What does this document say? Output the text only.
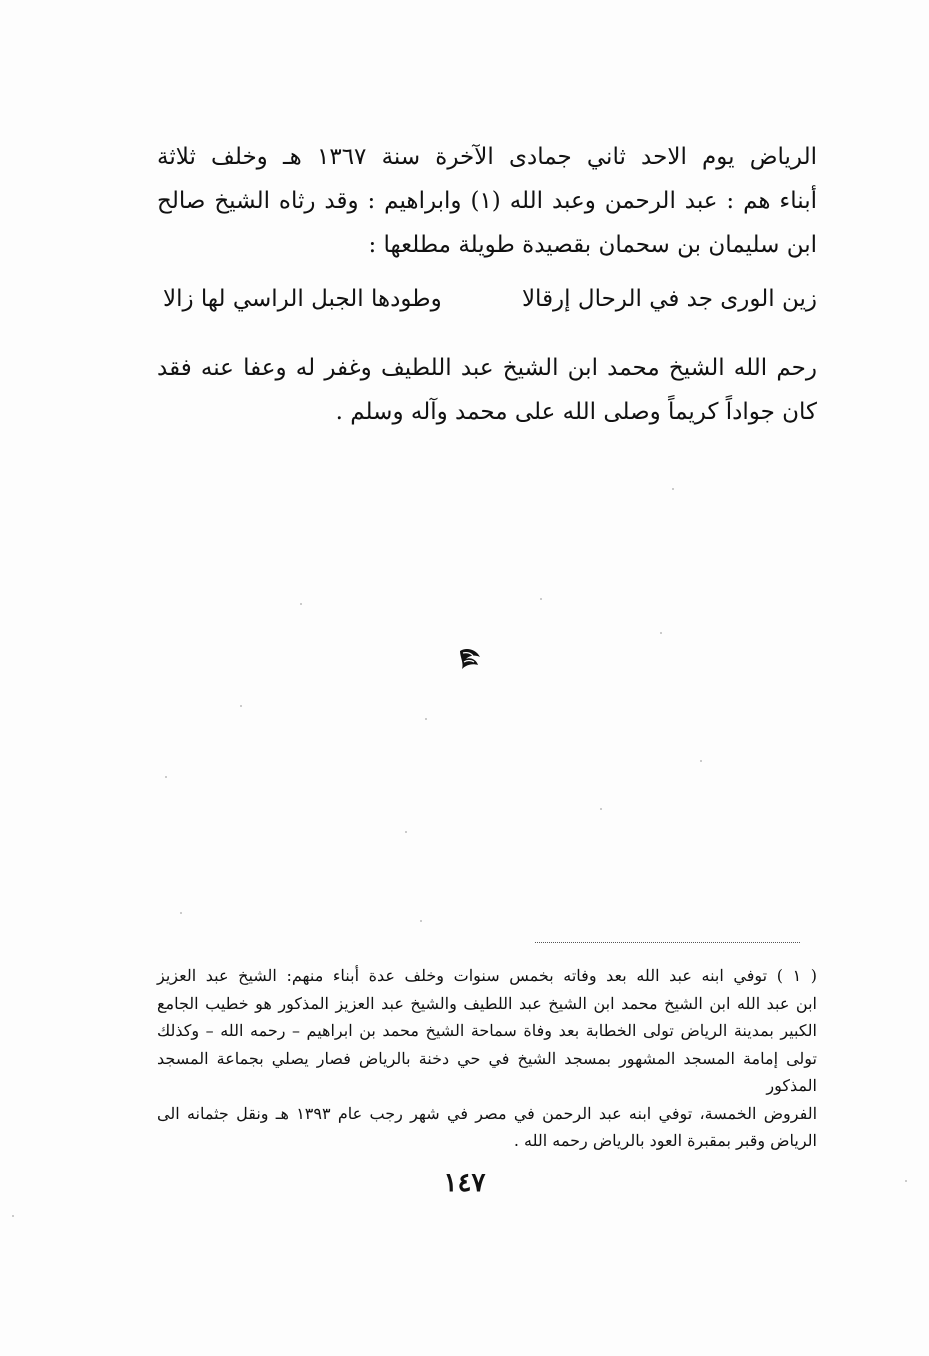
الرياض يوم الاحد ثاني جمادى الآخرة سنة ١٣٦٧ هـ وخلف ثلاثة
أبناء هم : عبد الرحمن وعبد الله (١) وابراهيم : وقد رثاه الشيخ صالح
ابن سليمان بن سحمان بقصيدة طويلة مطلعها :
زين الورى جد في الرحال إرقالا
وطودها الجبل الراسي لها زالا
رحم الله الشيخ محمد ابن الشيخ عبد اللطيف وغفر له وعفا عنه فقد
كان جواداً كريماً وصلى الله على محمد وآله وسلم .
( ١ ) توفي ابنه عبد الله بعد وفاته بخمس سنوات وخلف عدة أبناء منهم: الشيخ عبد العزيز
ابن عبد الله ابن الشيخ محمد ابن الشيخ عبد اللطيف والشيخ عبد العزيز المذكور هو خطيب الجامع
الكبير بمدينة الرياض تولى الخطابة بعد وفاة سماحة الشيخ محمد بن ابراهيم – رحمه الله – وكذلك
تولى إمامة المسجد المشهور بمسجد الشيخ في حي دخنة بالرياض فصار يصلي بجماعة المسجد المذكور
الفروض الخمسة، توفي ابنه عبد الرحمن في مصر في شهر رجب عام ١٣٩٣ هـ ونقل جثمانه الى
الرياض وقبر بمقبرة العود بالرياض رحمه الله .
١٤٧
